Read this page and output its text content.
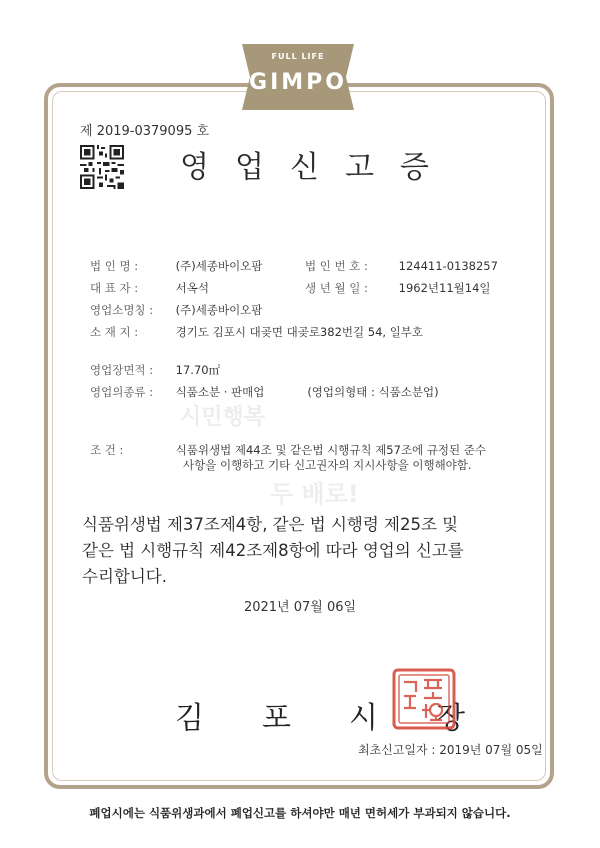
FULL LIFE
GIMPO
제 2019-0379095 호
영업신고증
법 인 명 :	(주)세종바이오팜	법 인 번 호 :	124411-0138257
대 표 자 :	서옥석	생 년 월 일 :	1962년11월14일
영업소명칭 : (주)세종바이오팜
소 재 지 :	경기도 김포시 대곶면 대곶로382번길 54, 일부호
영업장면적 : 17.70㎡
영업의종류 : 식품소분 · 판매업	(영업의형태 : 식품소분업)
시민행복
조 건 :	식품위생법 제44조 및 같은법 시행규칙 제57조에 규정된 준수
사항을 이행하고 기타 신고권자의 지시사항을 이행해야함.
두 배로!
식품위생법 제37조제4항, 같은 법 시행령 제25조 및
같은 법 시행규칙 제42조제8항에 따라 영업의 신고를
수리합니다.
2021년 07월 06일
김포시장
최초신고일자 : 2019년 07월 05일
폐업시에는 식품위생과에서 폐업신고를 하셔야만 매년 면허세가 부과되지 않습니다.
